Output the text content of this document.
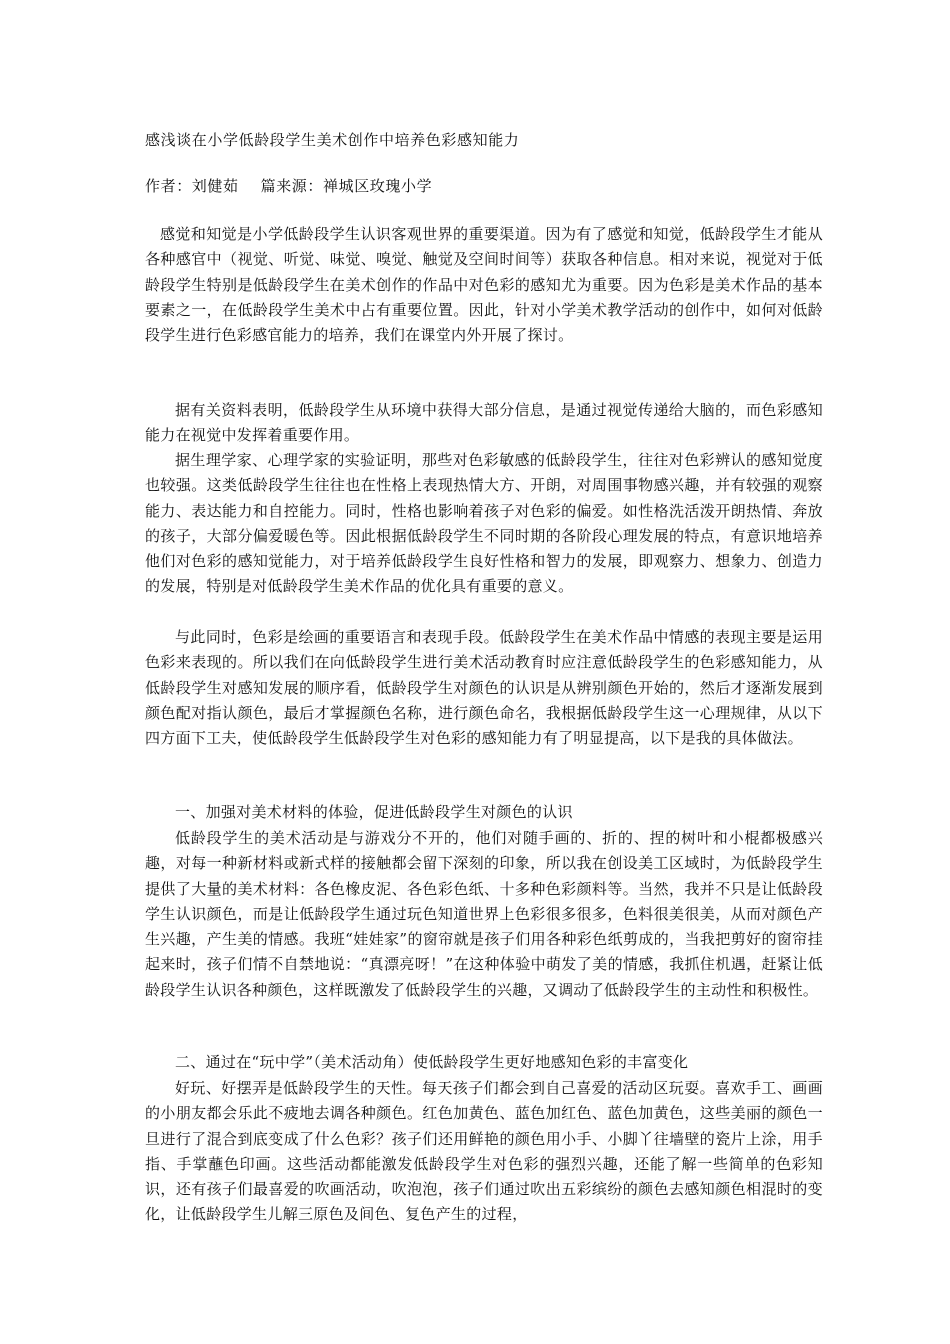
感浅谈在小学低龄段学生美术创作中培养色彩感知能力
作者：刘健茹 篇来源：禅城区玫瑰小学

感觉和知觉是小学低龄段学生认识客观世界的重要渠道。因为有了感觉和知觉，低龄段学生才能从各种感官中（视觉、听觉、味觉、嗅觉、触觉及空间时间等）获取各种信息。相对来说，视觉对于低龄段学生特别是低龄段学生在美术创作的作品中对色彩的感知尤为重要。因为色彩是美术作品的基本要素之一，在低龄段学生美术中占有重要位置。因此，针对小学美术教学活动的创作中，如何对低龄段学生进行色彩感官能力的培养，我们在课堂内外开展了探讨。

据有关资料表明，低龄段学生从环境中获得大部分信息，是通过视觉传递给大脑的，而色彩感知能力在视觉中发挥着重要作用。

据生理学家、心理学家的实验证明，那些对色彩敏感的低龄段学生，往往对色彩辨认的感知觉度也较强。这类低龄段学生往往也在性格上表现热情大方、开朗，对周围事物感兴趣，并有较强的观察能力、表达能力和自控能力。同时，性格也影响着孩子对色彩的偏爱。如性格洗活泼开朗热情、奔放的孩子，大部分偏爱暖色等。因此根据低龄段学生不同时期的各阶段心理发展的特点，有意识地培养他们对色彩的感知觉能力，对于培养低龄段学生良好性格和智力的发展，即观察力、想象力、创造力的发展，特别是对低龄段学生美术作品的优化具有重要的意义。

与此同时，色彩是绘画的重要语言和表现手段。低龄段学生在美术作品中情感的表现主要是运用色彩来表现的。所以我们在向低龄段学生进行美术活动教育时应注意低龄段学生的色彩感知能力，从低龄段学生对感知发展的顺序看，低龄段学生对颜色的认识是从辨别颜色开始的，然后才逐渐发展到颜色配对指认颜色，最后才掌握颜色名称，进行颜色命名，我根据低龄段学生这一心理规律，从以下四方面下工夫，使低龄段学生低龄段学生对色彩的感知能力有了明显提高，以下是我的具体做法。

一、加强对美术材料的体验，促进低龄段学生对颜色的认识

低龄段学生的美术活动是与游戏分不开的，他们对随手画的、折的、捏的树叶和小棍都极感兴趣，对每一种新材料或新式样的接触都会留下深刻的印象，所以我在创设美工区域时，为低龄段学生提供了大量的美术材料：各色橡皮泥、各色彩色纸、十多种色彩颜料等。当然，我并不只是让低龄段学生认识颜色，而是让低龄段学生通过玩色知道世界上色彩很多很多，色料很美很美，从而对颜色产生兴趣，产生美的情感。我班“娃娃家”的窗帘就是孩子们用各种彩色纸剪成的，当我把剪好的窗帘挂起来时，孩子们情不自禁地说：“真漂亮呀！”在这种体验中萌发了美的情感，我抓住机遇，赶紧让低龄段学生认识各种颜色，这样既激发了低龄段学生的兴趣，又调动了低龄段学生的主动性和积极性。

二、通过在“玩中学”（美术活动角）使低龄段学生更好地感知色彩的丰富变化

好玩、好摆弄是低龄段学生的天性。每天孩子们都会到自己喜爱的活动区玩耍。喜欢手工、画画的小朋友都会乐此不疲地去调各种颜色。红色加黄色、蓝色加红色、蓝色加黄色，这些美丽的颜色一旦进行了混合到底变成了什么色彩？孩子们还用鲜艳的颜色用小手、小脚丫往墙壁的瓷片上涂，用手指、手掌蘸色印画。这些活动都能激发低龄段学生对色彩的强烈兴趣，还能了解一些简单的色彩知识，还有孩子们最喜爱的吹画活动，吹泡泡，孩子们通过吹出五彩缤纷的颜色去感知颜色相混时的变化，让低龄段学生儿解三原色及间色、复色产生的过程，
